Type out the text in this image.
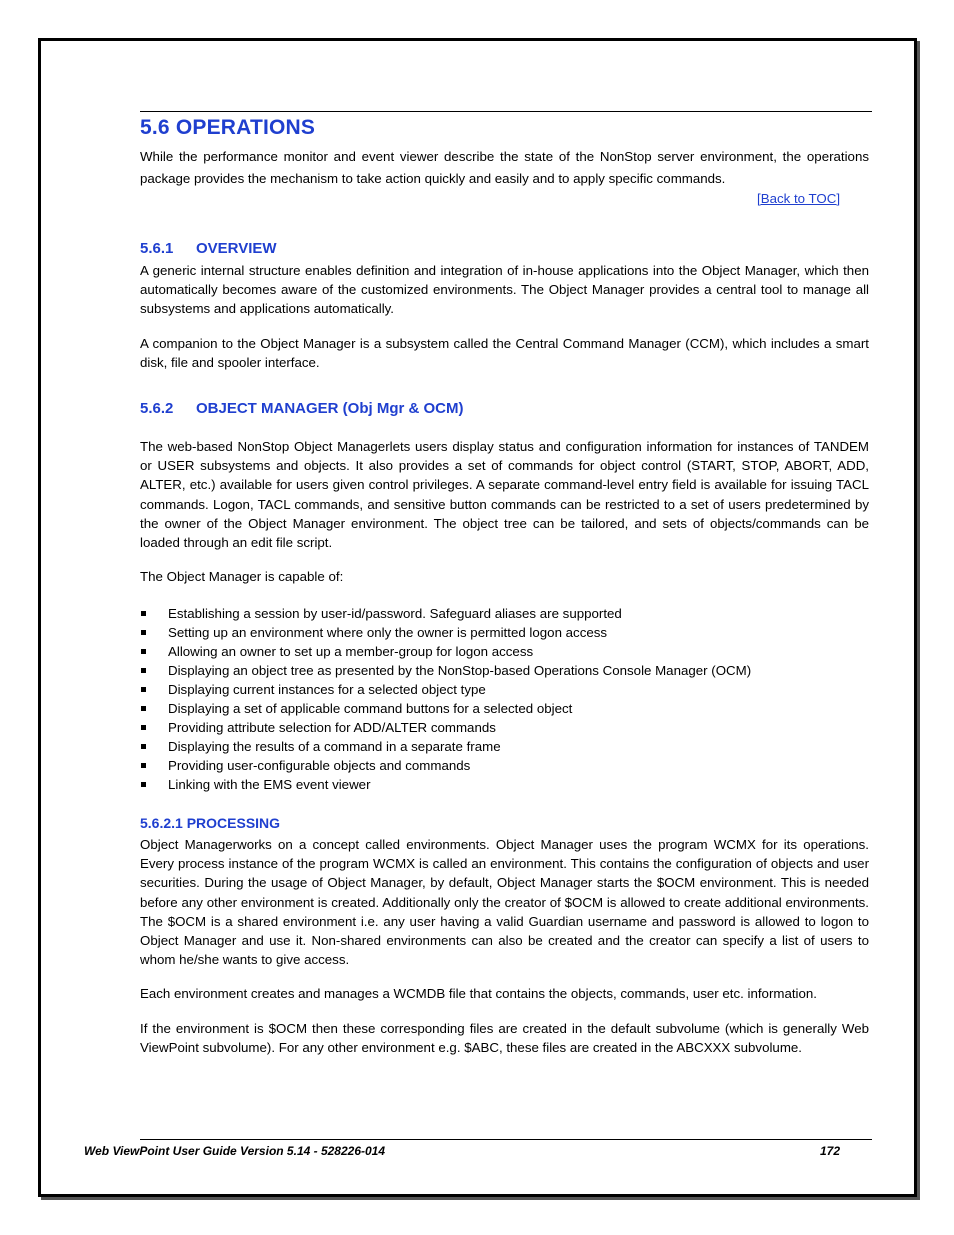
5.6 OPERATIONS
While the performance monitor and event viewer describe the state of the NonStop server environment, the operations package provides the mechanism to take action quickly and easily and to apply specific commands.
[Back to TOC]
5.6.1 OVERVIEW
A generic internal structure enables definition and integration of in-house applications into the Object Manager, which then automatically becomes aware of the customized environments. The Object Manager provides a central tool to manage all subsystems and applications automatically.
A companion to the Object Manager is a subsystem called the Central Command Manager (CCM), which includes a smart disk, file and spooler interface.
5.6.2 OBJECT MANAGER (Obj Mgr & OCM)
The web-based NonStop Object Managerlets users display status and configuration information for instances of TANDEM or USER subsystems and objects. It also provides a set of commands for object control (START, STOP, ABORT, ADD, ALTER, etc.) available for users given control privileges. A separate command-level entry field is available for issuing TACL commands. Logon, TACL commands, and sensitive button commands can be restricted to a set of users predetermined by the owner of the Object Manager environment. The object tree can be tailored, and sets of objects/commands can be loaded through an edit file script.
The Object Manager is capable of:
Establishing a session by user-id/password. Safeguard aliases are supported
Setting up an environment where only the owner is permitted logon access
Allowing an owner to set up a member-group for logon access
Displaying an object tree as presented by the NonStop-based Operations Console Manager (OCM)
Displaying current instances for a selected object type
Displaying a set of applicable command buttons for a selected object
Providing attribute selection for ADD/ALTER commands
Displaying the results of a command in a separate frame
Providing user-configurable objects and commands
Linking with the EMS event viewer
5.6.2.1 PROCESSING
Object Managerworks on a concept called environments. Object Manager uses the program WCMX for its operations. Every process instance of the program WCMX is called an environment. This contains the configuration of objects and user securities. During the usage of Object Manager, by default, Object Manager starts the $OCM environment. This is needed before any other environment is created. Additionally only the creator of $OCM is allowed to create additional environments. The $OCM is a shared environment i.e. any user having a valid Guardian username and password is allowed to logon to Object Manager and use it. Non-shared environments can also be created and the creator can specify a list of users to whom he/she wants to give access.
Each environment creates and manages a WCMDB file that contains the objects, commands, user etc. information.
If the environment is $OCM then these corresponding files are created in the default subvolume (which is generally Web ViewPoint subvolume). For any other environment e.g. $ABC, these files are created in the ABCXXX subvolume.
Web ViewPoint User Guide Version 5.14 - 528226-014	172
